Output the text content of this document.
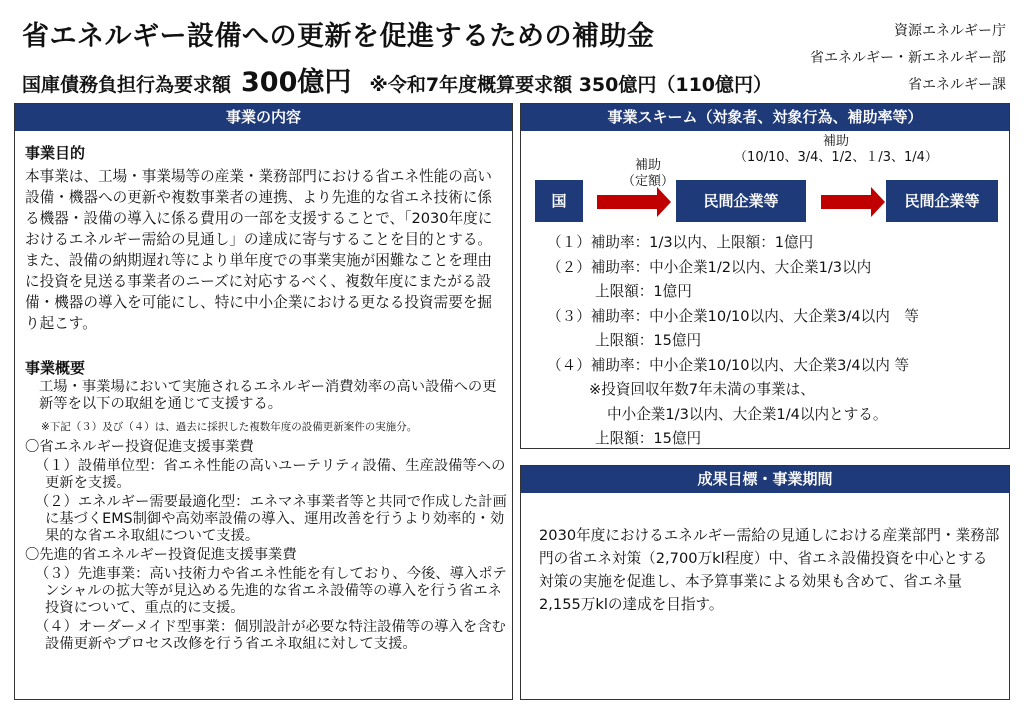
省エネルギー設備への更新を促進するための補助金
国庫債務負担行為要求額 300億円 ※令和7年度概算要求額 350億円（110億円）
資源エネルギー庁
省エネルギー・新エネルギー部
省エネルギー課
事業の内容
事業目的
本事業は、工場・事業場等の産業・業務部門における省エネ性能の高い設備・機器への更新や複数事業者の連携、より先進的な省エネ技術に係る機器・設備の導入に係る費用の一部を支援することで、「2030年度におけるエネルギー需給の見通し」の達成に寄与することを目的とする。また、設備の納期遅れ等により単年度での事業実施が困難なことを理由に投資を見送る事業者のニーズに対応するべく、複数年度にまたがる設備・機器の導入を可能にし、特に中小企業における更なる投資需要を掘り起こす。
事業概要
工場・事業場において実施されるエネルギー消費効率の高い設備への更新等を以下の取組を通じて支援する。
※下記（３）及び（４）は、過去に採択した複数年度の設備更新案件の実施分。
〇省エネルギー投資促進支援事業費
（１）設備単位型：省エネ性能の高いユーテリティ設備、生産設備等への更新を支援。
（２）エネルギー需要最適化型：エネマネ事業者等と共同で作成した計画に基づくEMS制御や高効率設備の導入、運用改善を行うより効率的・効果的な省エネ取組について支援。
〇先進的省エネルギー投資促進支援事業費
（３）先進事業：高い技術力や省エネ性能を有しており、今後、導入ポテンシャルの拡大等が見込める先進的な省エネ設備等の導入を行う省エネ投資について、重点的に支援。
（４）オーダーメイド型事業：個別設計が必要な特注設備等の導入を含む設備更新やプロセス改修を行う省エネ取組に対して支援。
事業スキーム（対象者、対象行為、補助率等）
国
補助
（定額）
民間企業等
補助
（10/10、3/4、1/2、１/3、1/4）
民間企業等
（１）補助率：1/3以内、上限額：1億円
（２）補助率：中小企業1/2以内、大企業1/3以内
上限額：1億円
（３）補助率：中小企業10/10以内、大企業3/4以内　等
上限額：15億円
（４）補助率：中小企業10/10以内、大企業3/4以内 等
※投資回収年数7年未満の事業は、
中小企業1/3以内、大企業1/4以内とする。
上限額：15億円
成果目標・事業期間
2030年度におけるエネルギー需給の見通しにおける産業部門・業務部門の省エネ対策（2,700万kl程度）中、省エネ設備投資を中心とする対策の実施を促進し、本予算事業による効果も含めて、省エネ量2,155万klの達成を目指す。
